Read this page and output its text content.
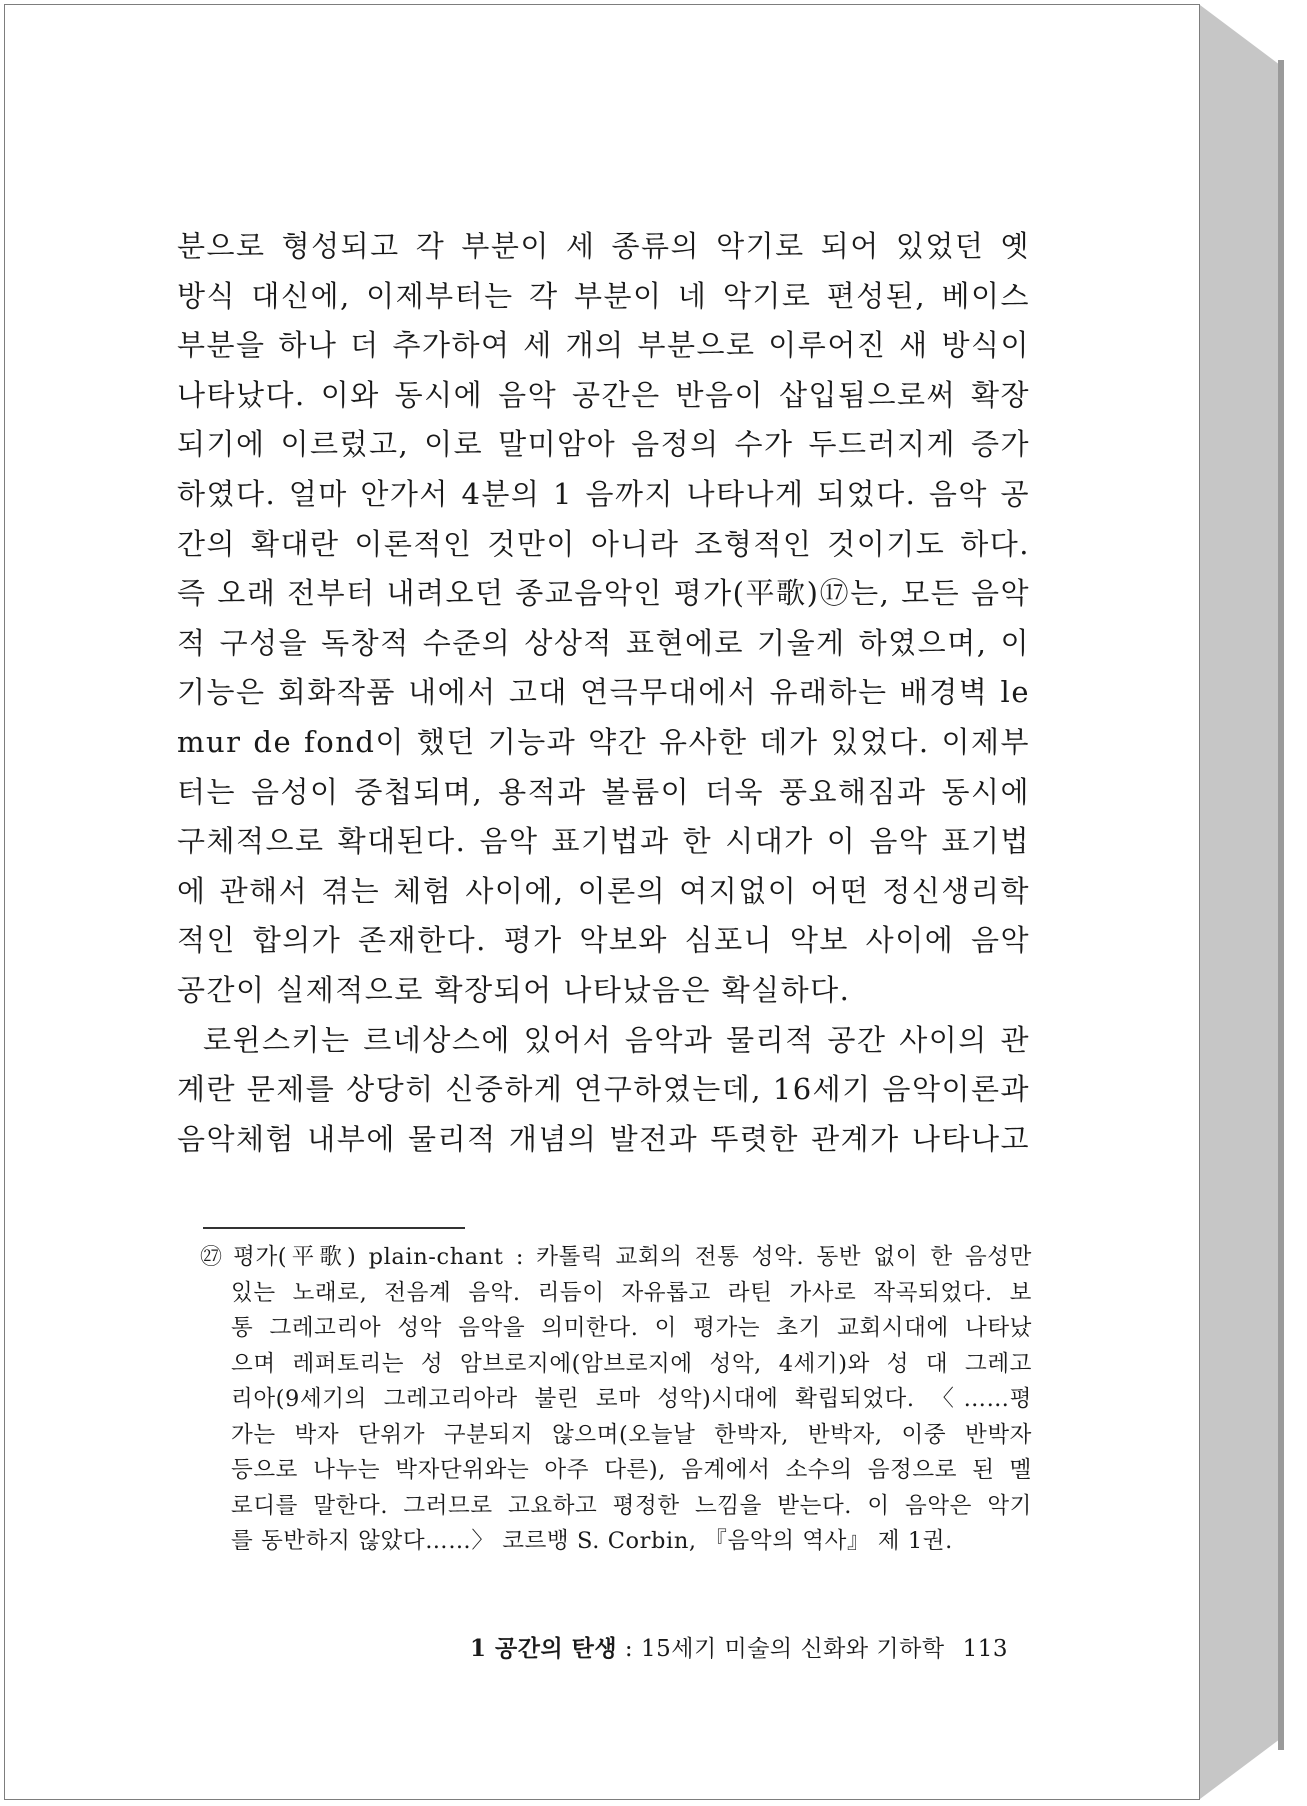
분으로 형성되고 각 부분이 세 종류의 악기로 되어 있었던 옛
방식 대신에, 이제부터는 각 부분이 네 악기로 편성된, 베이스
부분을 하나 더 추가하여 세 개의 부분으로 이루어진 새 방식이
나타났다. 이와 동시에 음악 공간은 반음이 삽입됨으로써 확장
되기에 이르렀고, 이로 말미암아 음정의 수가 두드러지게 증가
하였다. 얼마 안가서 4분의 1 음까지 나타나게 되었다. 음악 공
간의 확대란 이론적인 것만이 아니라 조형적인 것이기도 하다.
즉 오래 전부터 내려오던 종교음악인 평가(平歌)⑰는, 모든 음악
적 구성을 독창적 수준의 상상적 표현에로 기울게 하였으며, 이
기능은 회화작품 내에서 고대 연극무대에서 유래하는 배경벽 le
mur de fond이 했던 기능과 약간 유사한 데가 있었다. 이제부
터는 음성이 중첩되며, 용적과 볼륨이 더욱 풍요해짐과 동시에
구체적으로 확대된다. 음악 표기법과 한 시대가 이 음악 표기법
에 관해서 겪는 체험 사이에, 이론의 여지없이 어떤 정신생리학
적인 합의가 존재한다. 평가 악보와 심포니 악보 사이에 음악
공간이 실제적으로 확장되어 나타났음은 확실하다.
로윈스키는 르네상스에 있어서 음악과 물리적 공간 사이의 관
계란 문제를 상당히 신중하게 연구하였는데, 16세기 음악이론과
음악체험 내부에 물리적 개념의 발전과 뚜렷한 관계가 나타나고
㉗ 평가(平歌) plain-chant : 카톨릭 교회의 전통 성악. 동반 없이 한 음성만
있는 노래로, 전음계 음악. 리듬이 자유롭고 라틴 가사로 작곡되었다. 보
통 그레고리아 성악 음악을 의미한다. 이 평가는 초기 교회시대에 나타났
으며 레퍼토리는 성 암브로지에(암브로지에 성악, 4세기)와 성 대 그레고
리아(9세기의 그레고리아라 불린 로마 성악)시대에 확립되었다. 〈……평
가는 박자 단위가 구분되지 않으며(오늘날 한박자, 반박자, 이중 반박자
등으로 나누는 박자단위와는 아주 다른), 음계에서 소수의 음정으로 된 멜
로디를 말한다. 그러므로 고요하고 평정한 느낌을 받는다. 이 음악은 악기
를 동반하지 않았다……〉 코르뱅 S. Corbin, 『음악의 역사』 제 1권.
1 공간의 탄생 : 15세기 미술의 신화와 기하학 113
